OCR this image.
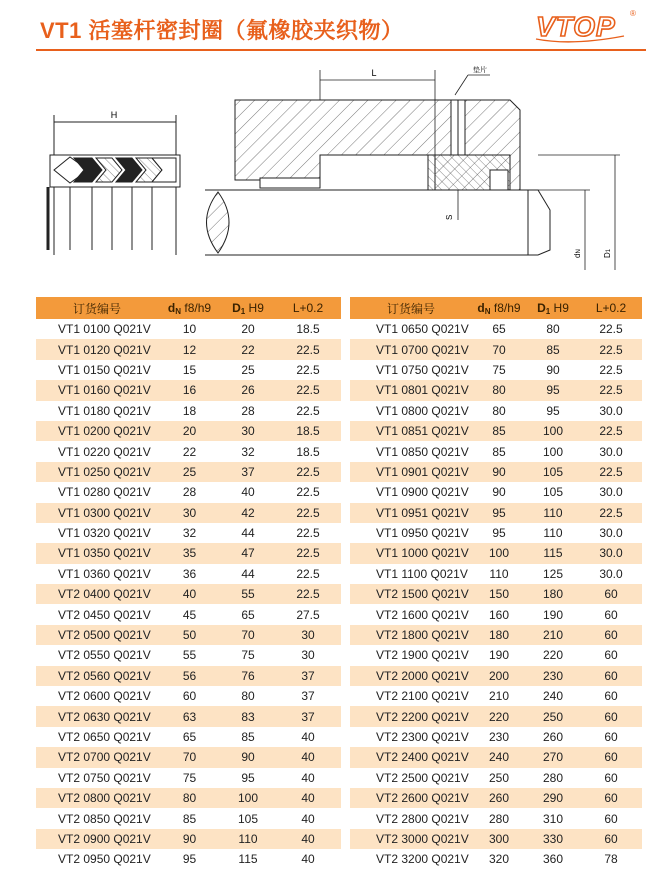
VT1 活塞杆密封圈（氟橡胶夹织物）	VTOP ®
H
L	垫片
S
dN
D1
订货编号	$d_N$ f8/h9	$D_1$ H9	L+0.2
VT1 0100 Q021V	10	20	18.5
VT1 0120 Q021V	12	22	22.5
VT1 0150 Q021V	15	25	22.5
VT1 0160 Q021V	16	26	22.5
VT1 0180 Q021V	18	28	22.5
VT1 0200 Q021V	20	30	18.5
VT1 0220 Q021V	22	32	18.5
VT1 0250 Q021V	25	37	22.5
VT1 0280 Q021V	28	40	22.5
VT1 0300 Q021V	30	42	22.5
VT1 0320 Q021V	32	44	22.5
VT1 0350 Q021V	35	47	22.5
VT1 0360 Q021V	36	44	22.5
VT2 0400 Q021V	40	55	22.5
VT2 0450 Q021V	45	65	27.5
VT2 0500 Q021V	50	70	30
VT2 0550 Q021V	55	75	30
VT2 0560 Q021V	56	76	37
VT2 0600 Q021V	60	80	37
VT2 0630 Q021V	63	83	37
VT2 0650 Q021V	65	85	40
VT2 0700 Q021V	70	90	40
VT2 0750 Q021V	75	95	40
VT2 0800 Q021V	80	100	40
VT2 0850 Q021V	85	105	40
VT2 0900 Q021V	90	110	40
VT2 0950 Q021V	95	115	40
订货编号	$d_N$ f8/h9	$D_1$ H9	L+0.2
VT1 0650 Q021V	65	80	22.5
VT1 0700 Q021V	70	85	22.5
VT1 0750 Q021V	75	90	22.5
VT1 0801 Q021V	80	95	22.5
VT1 0800 Q021V	80	95	30.0
VT1 0851 Q021V	85	100	22.5
VT1 0850 Q021V	85	100	30.0
VT1 0901 Q021V	90	105	22.5
VT1 0900 Q021V	90	105	30.0
VT1 0951 Q021V	95	110	22.5
VT1 0950 Q021V	95	110	30.0
VT1 1000 Q021V	100	115	30.0
VT1 1100 Q021V	110	125	30.0
VT2 1500 Q021V	150	180	60
VT2 1600 Q021V	160	190	60
VT2 1800 Q021V	180	210	60
VT2 1900 Q021V	190	220	60
VT2 2000 Q021V	200	230	60
VT2 2100 Q021V	210	240	60
VT2 2200 Q021V	220	250	60
VT2 2300 Q021V	230	260	60
VT2 2400 Q021V	240	270	60
VT2 2500 Q021V	250	280	60
VT2 2600 Q021V	260	290	60
VT2 2800 Q021V	280	310	60
VT2 3000 Q021V	300	330	60
VT2 3200 Q021V	320	360	78
